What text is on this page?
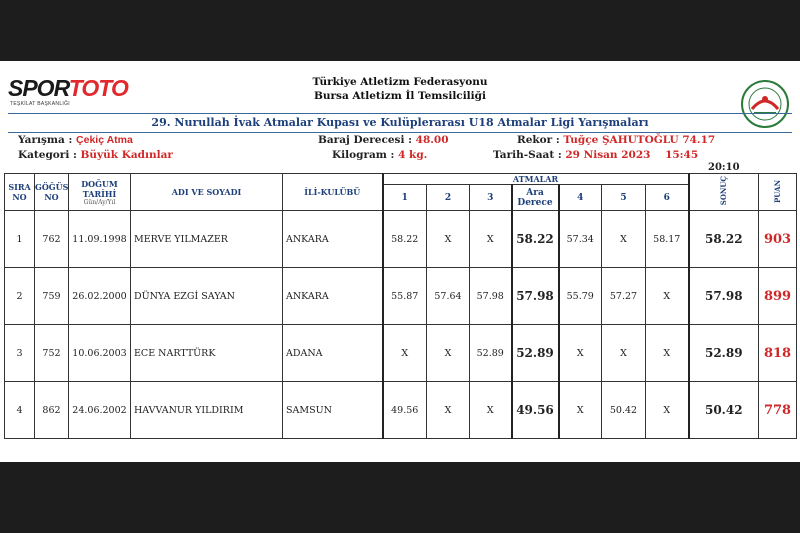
SPORTOTO
TEŞKİLAT BAŞKANLIĞI
Türkiye Atletizm Federasyonu
Bursa Atletizm İl Temsilciliği
29. Nurullah İvak Atmalar Kupası ve Kulüplerarası U18 Atmalar Ligi Yarışmaları
Yarışma : Çekiç Atma
Kategori : Büyük Kadınlar
Baraj Derecesi : 48.00
Kilogram : 4 kg.
Rekor : Tuğçe ŞAHUTOĞLU 74.17
Tarih-Saat : 29 Nisan 2023    15:45
20:10
SIRA NO	GÖĞÜS NO	DOĞUM TARİHİ
Gün/Ay/Yıl	ADI VE SOYADI	İLİ-KULÜBÜ	ATMALAR							SONUÇ	PUAN
					1	2	3	Ara Derece	4	5	6		
1	762	11.09.1998	MERVE YILMAZER	ANKARA	58.22	X	X	58.22	57.34	X	58.17	58.22	903
2	759	26.02.2000	DÜNYA EZGİ SAYAN	ANKARA	55.87	57.64	57.98	57.98	55.79	57.27	X	57.98	899
3	752	10.06.2003	ECE NARTTÜRK	ADANA	X	X	52.89	52.89	X	X	X	52.89	818
4	862	24.06.2002	HAVVANUR YILDIRIM	SAMSUN	49.56	X	X	49.56	X	50.42	X	50.42	778
